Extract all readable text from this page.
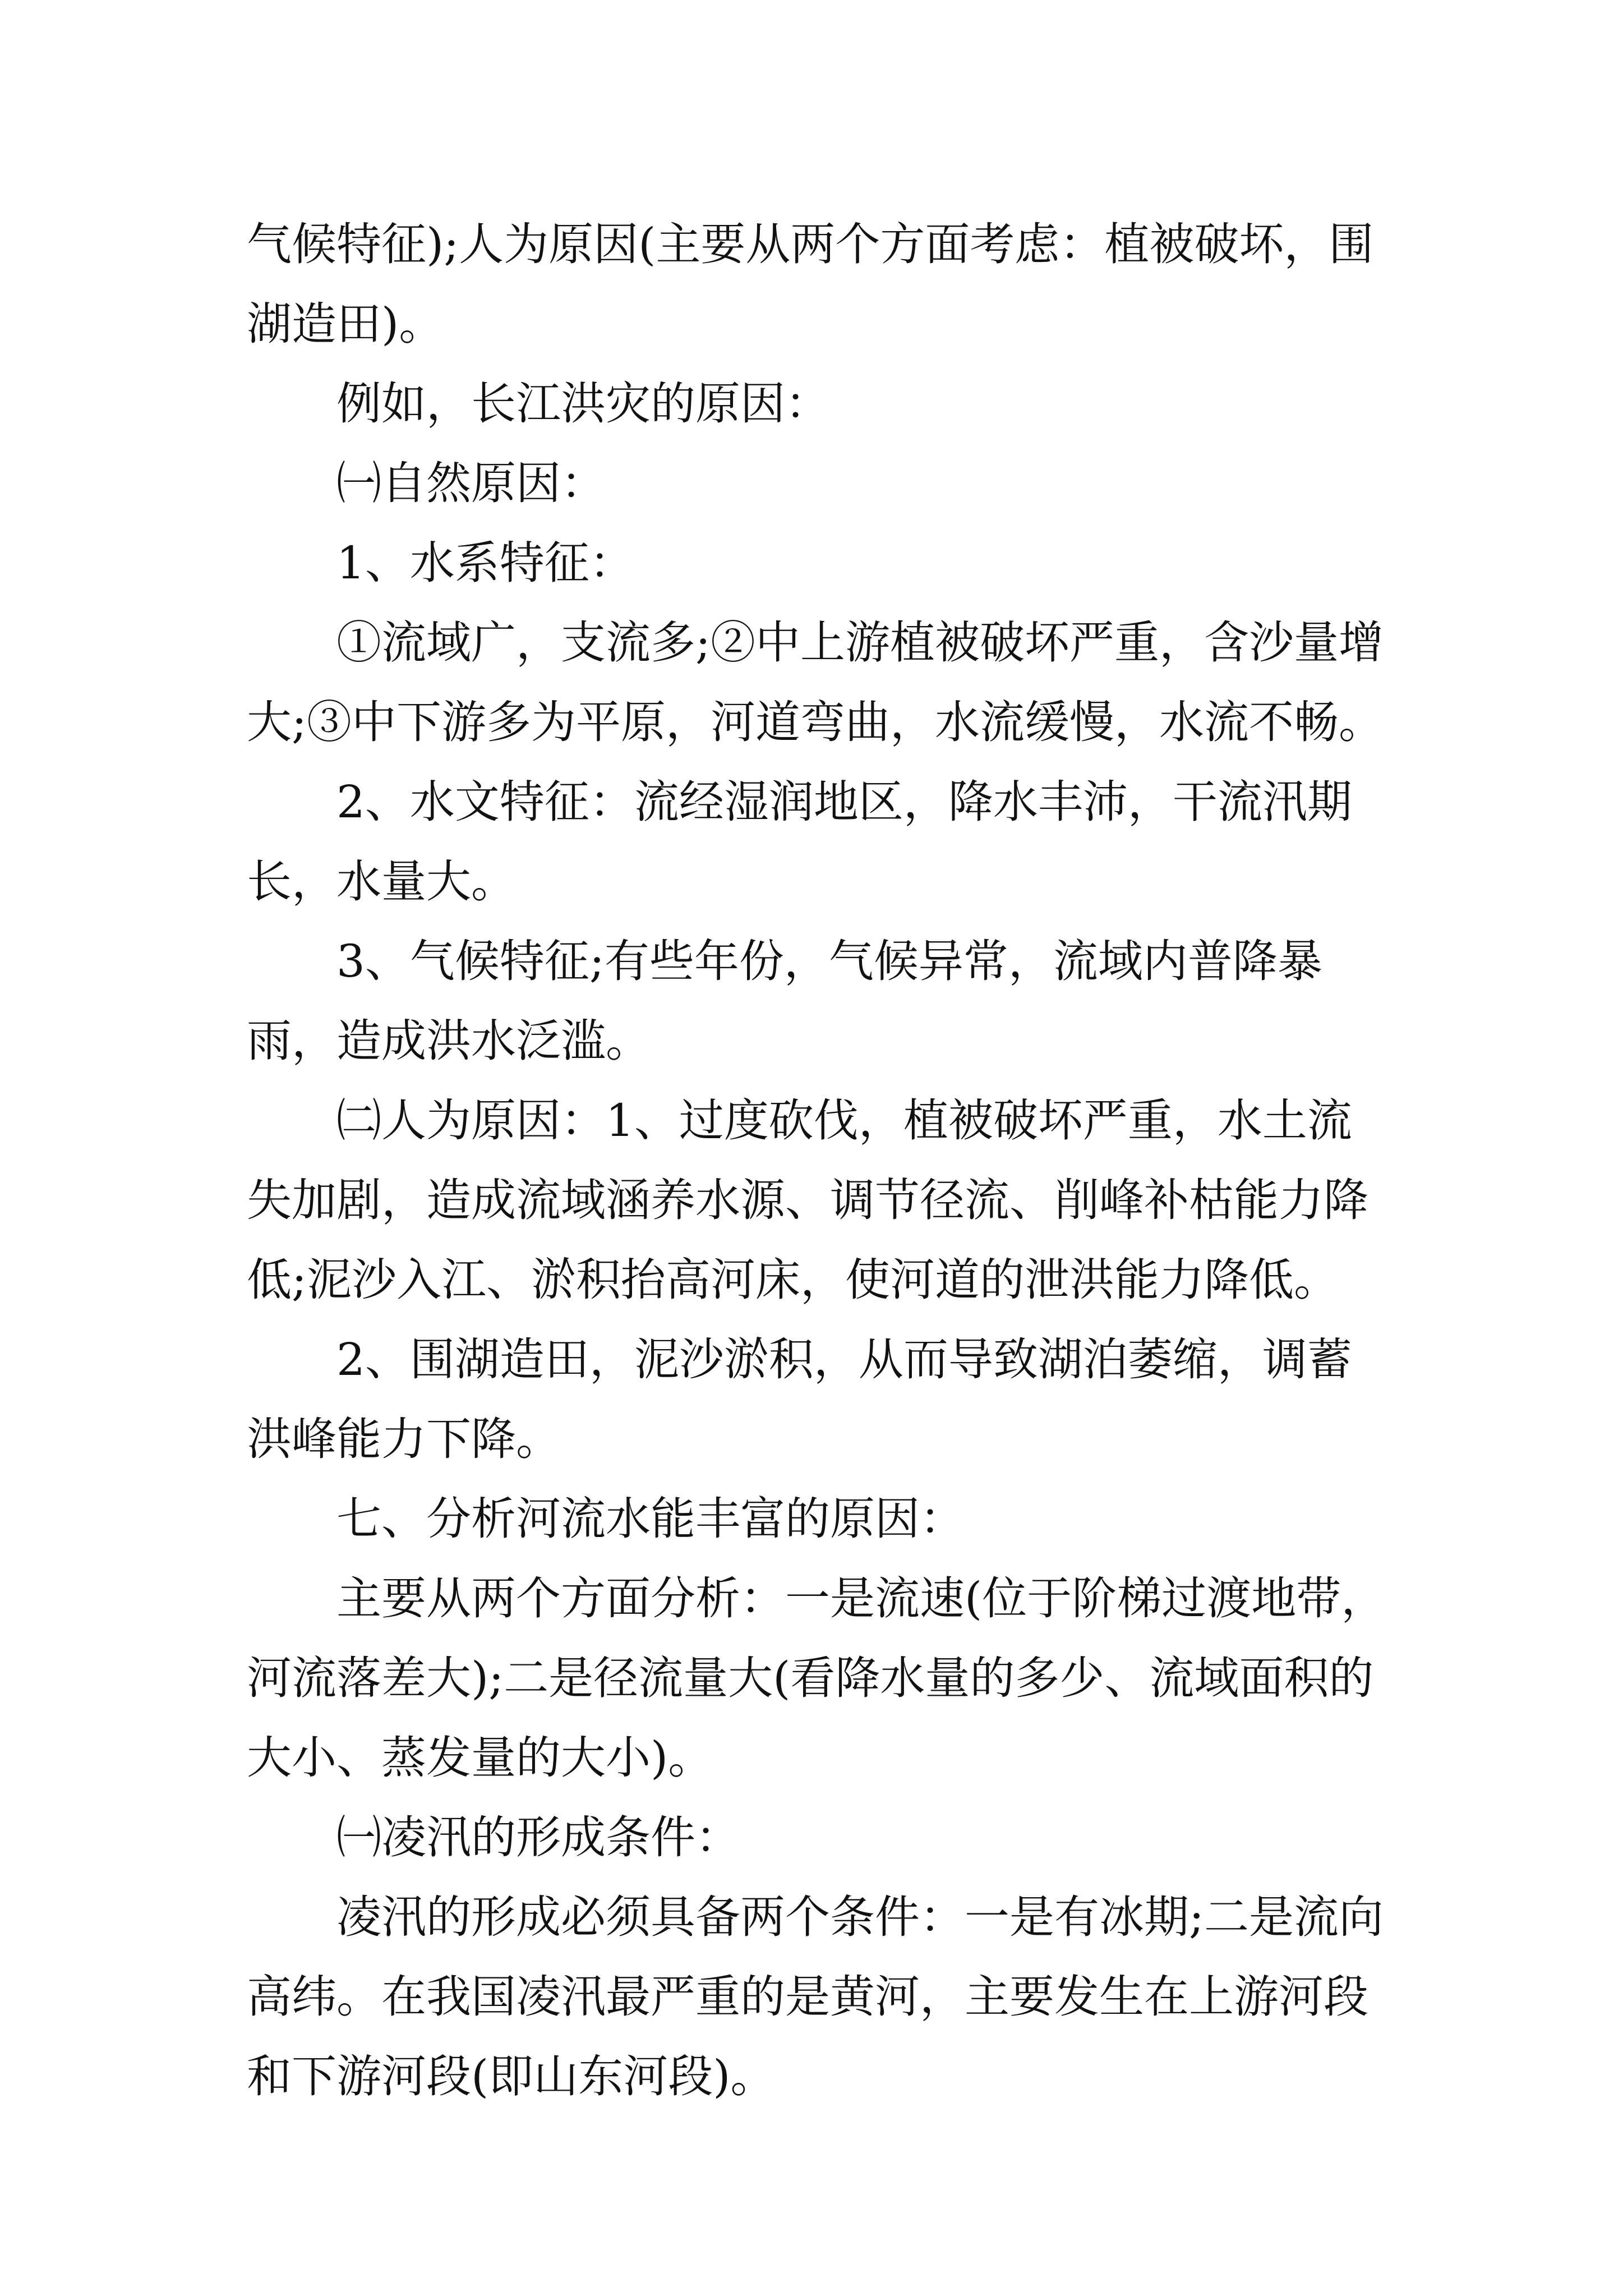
气候特征);人为原因(主要从两个方面考虑：植被破坏，围湖造田)。

例如，长江洪灾的原因：

㈠自然原因：

1、水系特征：

①流域广，支流多;②中上游植被破坏严重，含沙量增大;③中下游多为平原，河道弯曲，水流缓慢，水流不畅。

2、水文特征：流经湿润地区，降水丰沛，干流汛期长，水量大。

3、气候特征;有些年份，气候异常，流域内普降暴雨，造成洪水泛滥。

㈡人为原因：1、过度砍伐，植被破坏严重，水土流失加剧，造成流域涵养水源、调节径流、削峰补枯能力降低;泥沙入江、淤积抬高河床，使河道的泄洪能力降低。

2、围湖造田，泥沙淤积，从而导致湖泊萎缩，调蓄洪峰能力下降。

七、分析河流水能丰富的原因：

主要从两个方面分析：一是流速(位于阶梯过渡地带，河流落差大);二是径流量大(看降水量的多少、流域面积的大小、蒸发量的大小)。

㈠凌汛的形成条件：

凌汛的形成必须具备两个条件：一是有冰期;二是流向高纬。在我国凌汛最严重的是黄河，主要发生在上游河段和下游河段(即山东河段)。
